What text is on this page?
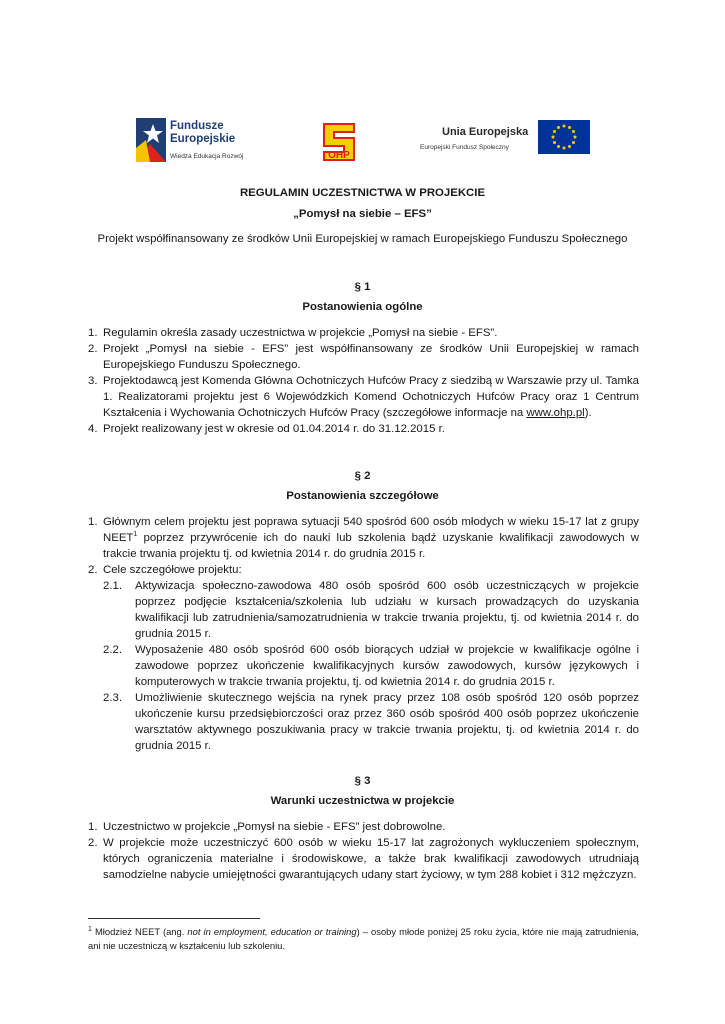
Fundusze
Europejskie
Wiedza Edukacja Rozwój	OHP
Unia Europejska
Europejski Fundusz Społeczny
REGULAMIN UCZESTNICTWA W PROJEKCIE
„Pomysł na siebie – EFS”
Projekt współfinansowany ze środków Unii Europejskiej w ramach Europejskiego Funduszu Społecznego
§ 1
Postanowienia ogólne
1. Regulamin określa zasady uczestnictwa w projekcie „Pomysł na siebie - EFS”.
2. Projekt „Pomysł na siebie - EFS” jest współfinansowany ze środków Unii Europejskiej w ramach Europejskiego Funduszu Społecznego.
3. Projektodawcą jest Komenda Główna Ochotniczych Hufców Pracy z siedzibą w Warszawie przy ul. Tamka 1. Realizatorami projektu jest 6 Wojewódzkich Komend Ochotniczych Hufców Pracy oraz 1 Centrum Kształcenia i Wychowania Ochotniczych Hufców Pracy (szczegółowe informacje na www.ohp.pl).
4. Projekt realizowany jest w okresie od 01.04.2014 r. do 31.12.2015 r.
§ 2
Postanowienia szczegółowe
1. Głównym celem projektu jest poprawa sytuacji 540 spośród 600 osób młodych w wieku 15-17 lat z grupy NEET$^1$ poprzez przywrócenie ich do nauki lub szkolenia bądź uzyskanie kwalifikacji zawodowych w trakcie trwania projektu tj. od kwietnia 2014 r. do grudnia 2015 r.
2. Cele szczegółowe projektu:
2.1. Aktywizacja społeczno-zawodowa 480 osób spośród 600 osób uczestniczących w projekcie poprzez podjęcie kształcenia/szkolenia lub udziału w kursach prowadzących do uzyskania kwalifikacji lub zatrudnienia/samozatrudnienia w trakcie trwania projektu, tj. od kwietnia 2014 r. do grudnia 2015 r.
2.2. Wyposażenie 480 osób spośród 600 osób biorących udział w projekcie w kwalifikacje ogólne i zawodowe poprzez ukończenie kwalifikacyjnych kursów zawodowych, kursów językowych i komputerowych w trakcie trwania projektu, tj. od kwietnia 2014 r. do grudnia 2015 r.
2.3. Umożliwienie skutecznego wejścia na rynek pracy przez 108 osób spośród 120 osób poprzez ukończenie kursu przedsiębiorczości oraz przez 360 osób spośród 400 osób poprzez ukończenie warsztatów aktywnego poszukiwania pracy w trakcie trwania projektu, tj. od kwietnia 2014 r. do grudnia 2015 r.
§ 3
Warunki uczestnictwa w projekcie
1. Uczestnictwo w projekcie „Pomysł na siebie - EFS” jest dobrowolne.
2. W projekcie może uczestniczyć 600 osób w wieku 15-17 lat zagrożonych wykluczeniem społecznym, których ograniczenia materialne i środowiskowe, a także brak kwalifikacji zawodowych utrudniają samodzielne nabycie umiejętności gwarantujących udany start życiowy, w tym 288 kobiet i 312 mężczyzn.
$^1$ Młodzież NEET (ang. not in employment, education or training) – osoby młode poniżej 25 roku życia, które nie mają zatrudnienia, ani nie uczestniczą w kształceniu lub szkoleniu.
